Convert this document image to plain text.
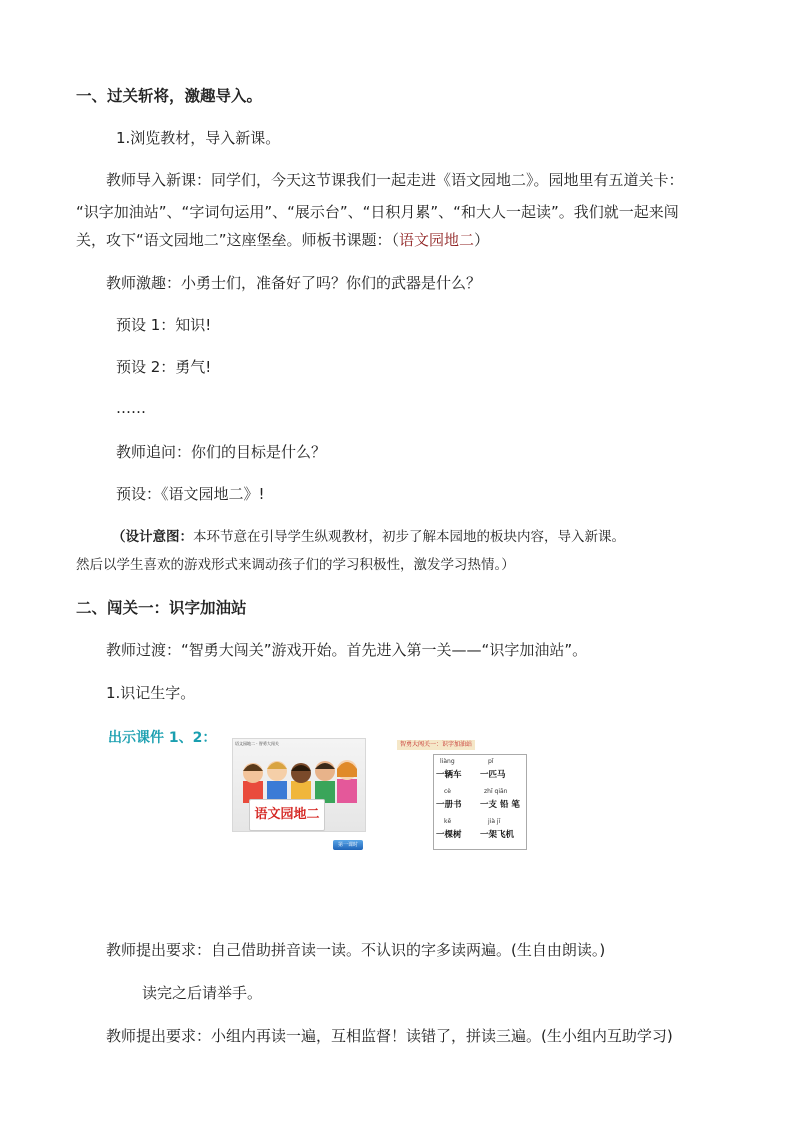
一、过关斩将，激趣导入。
1.浏览教材，导入新课。
教师导入新课：同学们，今天这节课我们一起走进《语文园地二》。园地里有五道关卡：
“识字加油站”、“字词句运用”、“展示台”、“日积月累”、“和大人一起读”。我们就一起来闯
关，攻下“语文园地二”这座堡垒。师板书课题：（语文园地二）
教师激趣：小勇士们，准备好了吗？你们的武器是什么？
预设 1：知识!
预设 2：勇气!
……
教师追问：你们的目标是什么？
预设：《语文园地二》!
（设计意图：本环节意在引导学生纵观教材，初步了解本园地的板块内容，导入新课。
然后以学生喜欢的游戏形式来调动孩子们的学习积极性，激发学习热情。）
二、闯关一：识字加油站
教师过渡：“智勇大闯关”游戏开始。首先进入第一关——“识字加油站”。
1.识记生字。
出示课件 1、2：	语文园地二 · 智勇大闯关
语文园地二
第一课时
智勇大闯关一：识字加油站
liàng	pǐ
一辆车 一匹马
cè	zhī qiān
一册书 一支 铅 笔
kē	jià jī
一棵树 一架飞机
教师提出要求：自己借助拼音读一读。不认识的字多读两遍。(生自由朗读。)
读完之后请举手。
教师提出要求：小组内再读一遍，互相监督！读错了，拼读三遍。(生小组内互助学习)
